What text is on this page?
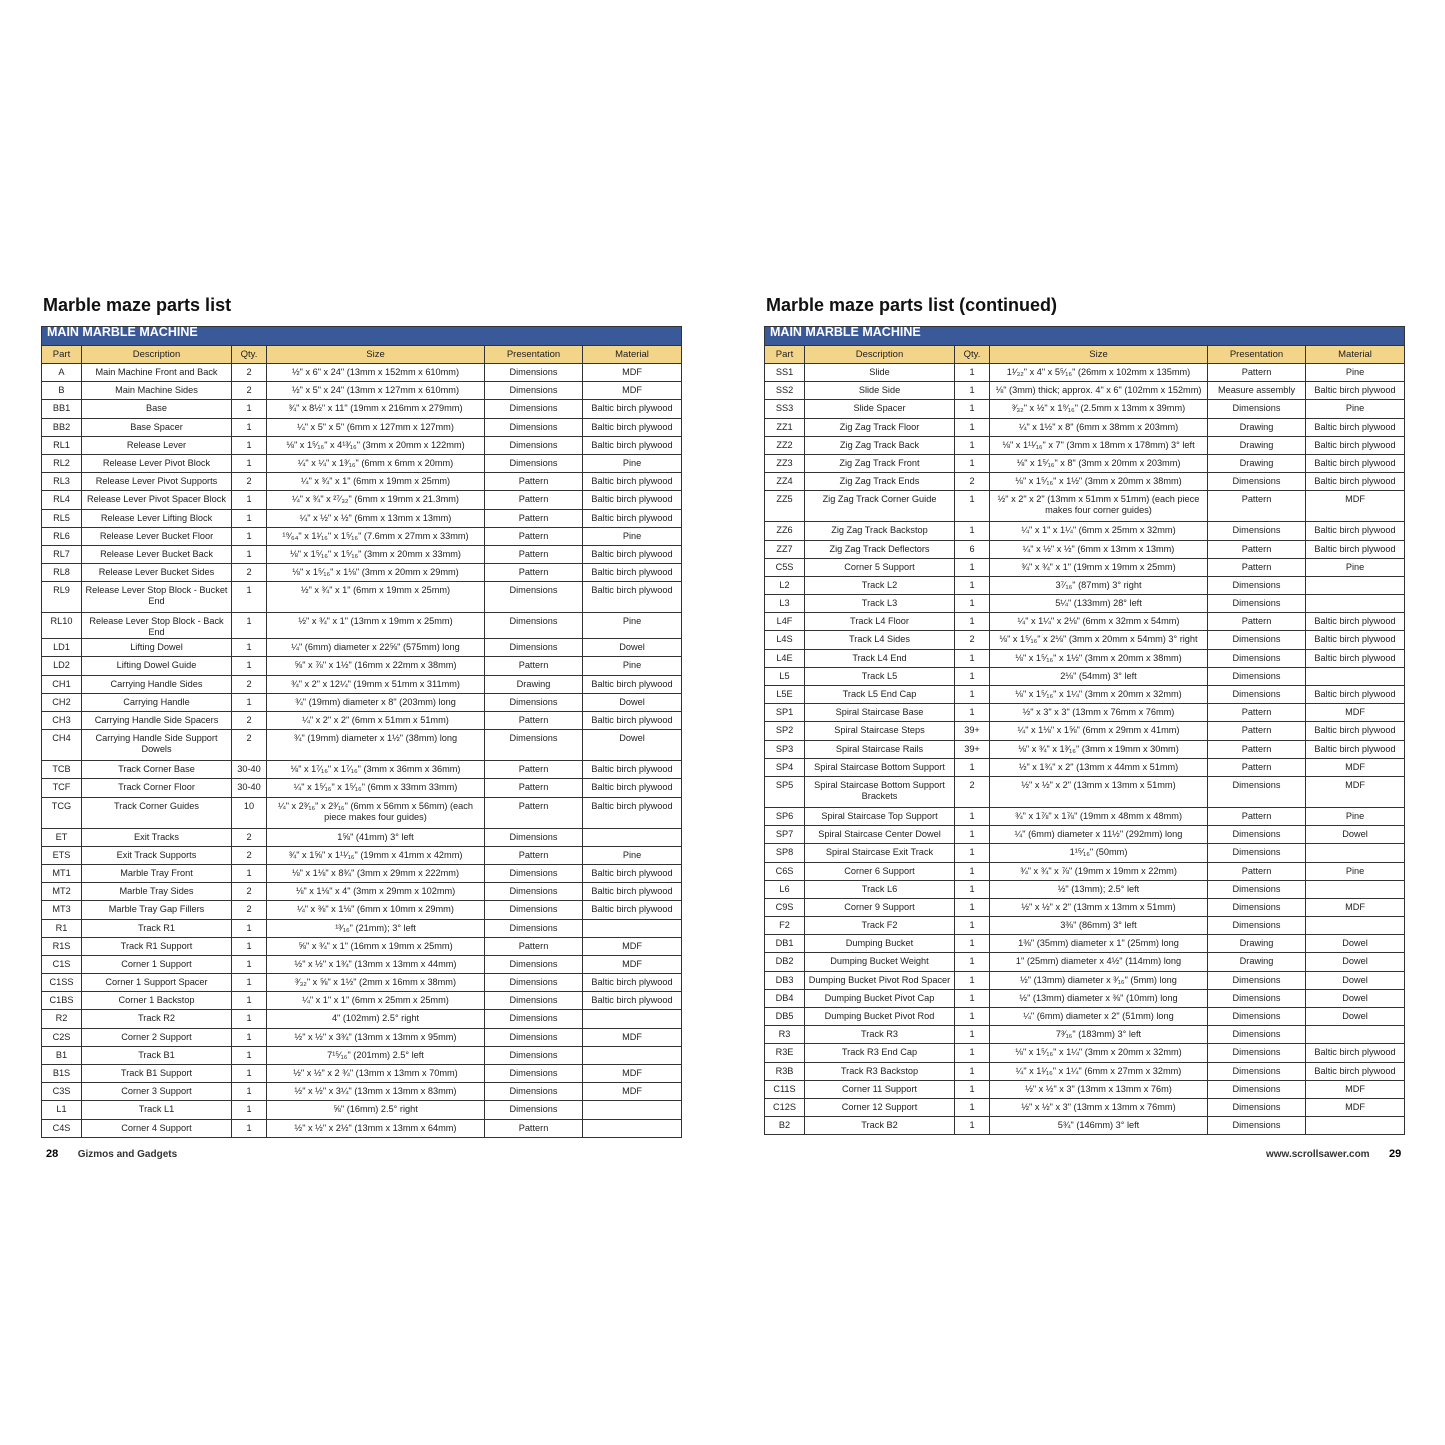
Marble maze parts list
MAIN MARBLE MACHINE					
Part	Description	Qty.	Size	Presentation	Material
A	Main Machine Front and Back	2	½" x 6" x 24" (13mm x 152mm x 610mm)	Dimensions	MDF
B	Main Machine Sides	2	½" x 5" x 24" (13mm x 127mm x 610mm)	Dimensions	MDF
BB1	Base	1	¾" x 8½" x 11" (19mm x 216mm x 279mm)	Dimensions	Baltic birch plywood
BB2	Base Spacer	1	¼" x 5" x 5" (6mm x 127mm x 127mm)	Dimensions	Baltic birch plywood
RL1	Release Lever	1	⅛" x 1⁵⁄₁₆" x 4¹³⁄₁₆" (3mm x 20mm x 122mm)	Dimensions	Baltic birch plywood
RL2	Release Lever Pivot Block	1	¼" x ¼" x 1³⁄₁₆" (6mm x 6mm x 20mm)	Dimensions	Pine
RL3	Release Lever Pivot Supports	2	¼" x ¾" x 1" (6mm x 19mm x 25mm)	Pattern	Baltic birch plywood
RL4	Release Lever Pivot Spacer Block	1	¼" x ¾" x ²⁷⁄₃₂" (6mm x 19mm x 21.3mm)	Pattern	Baltic birch plywood
RL5	Release Lever Lifting Block	1	¼" x ½" x ½" (6mm x 13mm x 13mm)	Pattern	Baltic birch plywood
RL6	Release Lever Bucket Floor	1	¹⁹⁄₆₄" x 1¹⁄₁₆" x 1⁵⁄₁₆" (7.6mm x 27mm x 33mm)	Pattern	Pine
RL7	Release Lever Bucket Back	1	⅛" x 1⁵⁄₁₆" x 1⁵⁄₁₆" (3mm x 20mm x 33mm)	Pattern	Baltic birch plywood
RL8	Release Lever Bucket Sides	2	⅛" x 1⁵⁄₁₆" x 1⅛" (3mm x 20mm x 29mm)	Pattern	Baltic birch plywood
RL9	Release Lever Stop Block - Bucket End	1	½" x ¾" x 1" (6mm x 19mm x 25mm)	Dimensions	Baltic birch plywood
RL10	Release Lever Stop Block - Back End	1	½" x ¾" x 1" (13mm x 19mm x 25mm)	Dimensions	Pine
LD1	Lifting Dowel	1	¼" (6mm) diameter x 22⅝" (575mm) long	Dimensions	Dowel
LD2	Lifting Dowel Guide	1	⅝" x ⅞" x 1½" (16mm x 22mm x 38mm)	Pattern	Pine
CH1	Carrying Handle Sides	2	¾" x 2" x 12¼" (19mm x 51mm x 311mm)	Drawing	Baltic birch plywood
CH2	Carrying Handle	1	¾" (19mm) diameter x 8" (203mm) long	Dimensions	Dowel
CH3	Carrying Handle Side Spacers	2	¼" x 2" x 2" (6mm x 51mm x 51mm)	Pattern	Baltic birch plywood
CH4	Carrying Handle Side Support Dowels	2	¾" (19mm) diameter x 1½" (38mm) long	Dimensions	Dowel
TCB	Track Corner Base	30-40	⅛" x 1⁷⁄₁₆" x 1⁷⁄₁₆" (3mm x 36mm x 36mm)	Pattern	Baltic birch plywood
TCF	Track Corner Floor	30-40	¼" x 1⁵⁄₁₆" x 1⁵⁄₁₆" (6mm x 33mm 33mm)	Pattern	Baltic birch plywood
TCG	Track Corner Guides	10	¼" x 2³⁄₁₆" x 2³⁄₁₆" (6mm x 56mm x 56mm) (each piece makes four guides)	Pattern	Baltic birch plywood
ET	Exit Tracks	2	1⅝" (41mm) 3° left	Dimensions	
ETS	Exit Track Supports	2	¾" x 1⅝" x 1¹¹⁄₁₆" (19mm x 41mm x 42mm)	Pattern	Pine
MT1	Marble Tray Front	1	⅛" x 1⅛" x 8¾" (3mm x 29mm x 222mm)	Dimensions	Baltic birch plywood
MT2	Marble Tray Sides	2	⅛" x 1⅛" x 4" (3mm x 29mm x 102mm)	Dimensions	Baltic birch plywood
MT3	Marble Tray Gap Fillers	2	¼" x ⅜" x 1⅛" (6mm x 10mm x 29mm)	Dimensions	Baltic birch plywood
R1	Track R1	1	¹³⁄₁₆" (21mm); 3° left	Dimensions	
R1S	Track R1 Support	1	⅝" x ¾" x 1" (16mm x 19mm x 25mm)	Pattern	MDF
C1S	Corner 1 Support	1	½" x ½" x 1¾" (13mm x 13mm x 44mm)	Dimensions	MDF
C1SS	Corner 1 Support Spacer	1	³⁄₃₂" x ⅝" x 1½" (2mm x 16mm x 38mm)	Dimensions	Baltic birch plywood
C1BS	Corner 1 Backstop	1	¼" x 1" x 1" (6mm x 25mm x 25mm)	Dimensions	Baltic birch plywood
R2	Track R2	1	4" (102mm) 2.5° right	Dimensions	
C2S	Corner 2 Support	1	½" x ½" x 3¾" (13mm x 13mm x 95mm)	Dimensions	MDF
B1	Track B1	1	7¹⁵⁄₁₆" (201mm) 2.5° left	Dimensions	
B1S	Track B1 Support	1	½" x ½" x 2 ¾" (13mm x 13mm x 70mm)	Dimensions	MDF
C3S	Corner 3 Support	1	½" x ½" x 3¼" (13mm x 13mm x 83mm)	Dimensions	MDF
L1	Track L1	1	⅝" (16mm) 2.5° right	Dimensions	
C4S	Corner 4 Support	1	½" x ½" x 2½" (13mm x 13mm x 64mm)	Pattern	
Marble maze parts list (continued)
MAIN MARBLE MACHINE					
Part	Description	Qty.	Size	Presentation	Material
SS1	Slide	1	1¹⁄₃₂" x 4" x 5⁵⁄₁₆" (26mm x 102mm x 135mm)	Pattern	Pine
SS2	Slide Side	1	⅛" (3mm) thick; approx. 4" x 6" (102mm x 152mm)	Measure assembly	Baltic birch plywood
SS3	Slide Spacer	1	³⁄₃₂" x ½" x 1⁹⁄₁₆" (2.5mm x 13mm x 39mm)	Dimensions	Pine
ZZ1	Zig Zag Track Floor	1	¼" x 1½" x 8" (6mm x 38mm x 203mm)	Drawing	Baltic birch plywood
ZZ2	Zig Zag Track Back	1	⅛" x 1¹¹⁄₁₆" x 7" (3mm x 18mm x 178mm) 3° left	Drawing	Baltic birch plywood
ZZ3	Zig Zag Track Front	1	⅛" x 1⁵⁄₁₆" x 8" (3mm x 20mm x 203mm)	Drawing	Baltic birch plywood
ZZ4	Zig Zag Track Ends	2	⅛" x 1⁵⁄₁₆" x 1½" (3mm x 20mm x 38mm)	Dimensions	Baltic birch plywood
ZZ5	Zig Zag Track Corner Guide	1	½" x 2" x 2" (13mm x 51mm x 51mm) (each piece makes four corner guides)	Pattern	MDF
ZZ6	Zig Zag Track Backstop	1	¼" x 1" x 1¼" (6mm x 25mm x 32mm)	Dimensions	Baltic birch plywood
ZZ7	Zig Zag Track Deflectors	6	¼" x ½" x ½" (6mm x 13mm x 13mm)	Pattern	Baltic birch plywood
C5S	Corner 5 Support	1	¾" x ¾" x 1" (19mm x 19mm x 25mm)	Pattern	Pine
L2	Track L2	1	3⁷⁄₁₆" (87mm) 3° right	Dimensions	
L3	Track L3	1	5¼" (133mm) 28° left	Dimensions	
L4F	Track L4 Floor	1	¼" x 1¼" x 2⅛" (6mm x 32mm x 54mm)	Pattern	Baltic birch plywood
L4S	Track L4 Sides	2	⅛" x 1⁵⁄₁₆" x 2⅛" (3mm x 20mm x 54mm) 3° right	Dimensions	Baltic birch plywood
L4E	Track L4 End	1	⅛" x 1⁵⁄₁₆" x 1½" (3mm x 20mm x 38mm)	Dimensions	Baltic birch plywood
L5	Track L5	1	2⅛" (54mm) 3° left	Dimensions	
L5E	Track L5 End Cap	1	⅛" x 1⁵⁄₁₆" x 1¼" (3mm x 20mm x 32mm)	Dimensions	Baltic birch plywood
SP1	Spiral Staircase Base	1	½" x 3" x 3" (13mm x 76mm x 76mm)	Pattern	MDF
SP2	Spiral Staircase Steps	39+	¼" x 1⅛" x 1⅝" (6mm x 29mm x 41mm)	Pattern	Baltic birch plywood
SP3	Spiral Staircase Rails	39+	⅛" x ¾" x 1³⁄₁₆" (3mm x 19mm x 30mm)	Pattern	Baltic birch plywood
SP4	Spiral Staircase Bottom Support	1	½" x 1¾" x 2" (13mm x 44mm x 51mm)	Pattern	MDF
SP5	Spiral Staircase Bottom Support Brackets	2	½" x ½" x 2" (13mm x 13mm x 51mm)	Dimensions	MDF
SP6	Spiral Staircase Top Support	1	¾" x 1⅞" x 1⅞" (19mm x 48mm x 48mm)	Pattern	Pine
SP7	Spiral Staircase Center Dowel	1	¼" (6mm) diameter x 11½" (292mm) long	Dimensions	Dowel
SP8	Spiral Staircase Exit Track	1	1¹⁵⁄₁₆" (50mm)	Dimensions	
C6S	Corner 6 Support	1	¾" x ¾" x ⅞" (19mm x 19mm x 22mm)	Pattern	Pine
L6	Track L6	1	½" (13mm); 2.5° left	Dimensions	
C9S	Corner 9 Support	1	½" x ½" x 2" (13mm x 13mm x 51mm)	Dimensions	MDF
F2	Track F2	1	3⅜" (86mm) 3° left	Dimensions	
DB1	Dumping Bucket	1	1⅜" (35mm) diameter x 1" (25mm) long	Drawing	Dowel
DB2	Dumping Bucket Weight	1	1" (25mm) diameter x 4½" (114mm) long	Drawing	Dowel
DB3	Dumping Bucket Pivot Rod Spacer	1	½" (13mm) diameter x ³⁄₁₆" (5mm) long	Dimensions	Dowel
DB4	Dumping Bucket Pivot Cap	1	½" (13mm) diameter x ⅜" (10mm) long	Dimensions	Dowel
DB5	Dumping Bucket Pivot Rod	1	¼" (6mm) diameter x 2" (51mm) long	Dimensions	Dowel
R3	Track R3	1	7³⁄₁₆" (183mm) 3° left	Dimensions	
R3E	Track R3 End Cap	1	⅛" x 1⁵⁄₁₆" x 1¼" (3mm x 20mm x 32mm)	Dimensions	Baltic birch plywood
R3B	Track R3 Backstop	1	¼" x 1¹⁄₁₆" x 1¼" (6mm x 27mm x 32mm)	Dimensions	Baltic birch plywood
C11S	Corner 11 Support	1	½" x ½" x 3" (13mm x 13mm x 76m)	Dimensions	MDF
C12S	Corner 12 Support	1	½" x ½" x 3" (13mm x 13mm x 76mm)	Dimensions	MDF
B2	Track B2	1	5¾" (146mm) 3° left	Dimensions	
28 Gizmos and Gadgets	www.scrollsawer.com 29
